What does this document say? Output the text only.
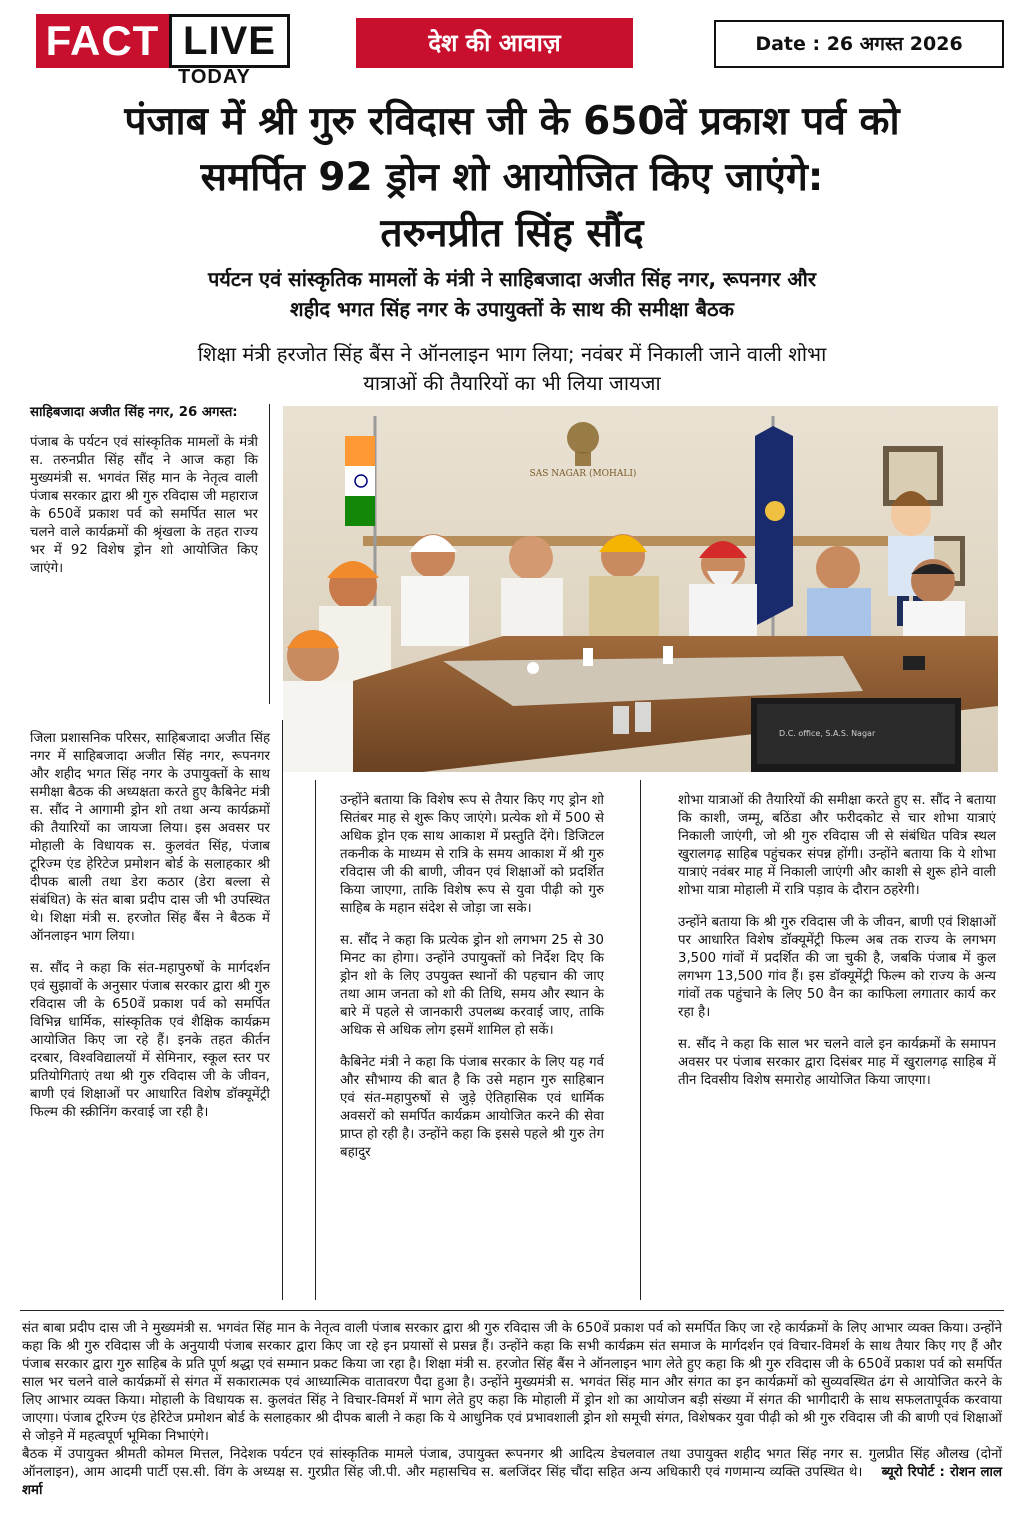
FACT LIVE
TODAY
देश की आवाज़	Date : 26 अगस्त 2026
पंजाब में श्री गुरु रविदास जी के 650वें प्रकाश पर्व को
समर्पित 92 ड्रोन शो आयोजित किए जाएंगे:
तरुनप्रीत सिंह सौंद
पर्यटन एवं सांस्कृतिक मामलों के मंत्री ने साहिबजादा अजीत सिंह नगर, रूपनगर और
शहीद भगत सिंह नगर के उपायुक्तों के साथ की समीक्षा बैठक
शिक्षा मंत्री हरजोत सिंह बैंस ने ऑनलाइन भाग लिया; नवंबर में निकाली जाने वाली शोभा
यात्राओं की तैयारियों का भी लिया जायजा
SAS NAGAR (MOHALI)
D.C. office, S.A.S. Nagar
साहिबजादा अजीत सिंह नगर, 26 अगस्त:

पंजाब के पर्यटन एवं सांस्कृतिक मामलों के मंत्री स. तरुनप्रीत सिंह सौंद ने आज कहा कि मुख्यमंत्री स. भगवंत सिंह मान के नेतृत्व वाली पंजाब सरकार द्वारा श्री गुरु रविदास जी महाराज के 650वें प्रकाश पर्व को समर्पित साल भर चलने वाले कार्यक्रमों की श्रृंखला के तहत राज्य भर में 92 विशेष ड्रोन शो आयोजित किए जाएंगे।

जिला प्रशासनिक परिसर, साहिबजादा अजीत सिंह नगर में साहिबजादा अजीत सिंह नगर, रूपनगर और शहीद भगत सिंह नगर के उपायुक्तों के साथ समीक्षा बैठक की अध्यक्षता करते हुए कैबिनेट मंत्री स. सौंद ने आगामी ड्रोन शो तथा अन्य कार्यक्रमों की तैयारियों का जायजा लिया। इस अवसर पर मोहाली के विधायक स. कुलवंत सिंह, पंजाब टूरिज्म एंड हेरिटेज प्रमोशन बोर्ड के सलाहकार श्री दीपक बाली तथा डेरा कठार (डेरा बल्ला से संबंधित) के संत बाबा प्रदीप दास जी भी उपस्थित थे। शिक्षा मंत्री स. हरजोत सिंह बैंस ने बैठक में ऑनलाइन भाग लिया।

स. सौंद ने कहा कि संत-महापुरुषों के मार्गदर्शन एवं सुझावों के अनुसार पंजाब सरकार द्वारा श्री गुरु रविदास जी के 650वें प्रकाश पर्व को समर्पित विभिन्न धार्मिक, सांस्कृतिक एवं शैक्षिक कार्यक्रम आयोजित किए जा रहे हैं। इनके तहत कीर्तन दरबार, विश्वविद्यालयों में सेमिनार, स्कूल स्तर पर प्रतियोगिताएं तथा श्री गुरु रविदास जी के जीवन, बाणी एवं शिक्षाओं पर आधारित विशेष डॉक्यूमेंट्री फिल्म की स्क्रीनिंग करवाई जा रही है।

उन्होंने बताया कि विशेष रूप से तैयार किए गए ड्रोन शो सितंबर माह से शुरू किए जाएंगे। प्रत्येक शो में 500 से अधिक ड्रोन एक साथ आकाश में प्रस्तुति देंगे। डिजिटल तकनीक के माध्यम से रात्रि के समय आकाश में श्री गुरु रविदास जी की बाणी, जीवन एवं शिक्षाओं को प्रदर्शित किया जाएगा, ताकि विशेष रूप से युवा पीढ़ी को गुरु साहिब के महान संदेश से जोड़ा जा सके।

स. सौंद ने कहा कि प्रत्येक ड्रोन शो लगभग 25 से 30 मिनट का होगा। उन्होंने उपायुक्तों को निर्देश दिए कि ड्रोन शो के लिए उपयुक्त स्थानों की पहचान की जाए तथा आम जनता को शो की तिथि, समय और स्थान के बारे में पहले से जानकारी उपलब्ध करवाई जाए, ताकि अधिक से अधिक लोग इसमें शामिल हो सकें।

कैबिनेट मंत्री ने कहा कि पंजाब सरकार के लिए यह गर्व और सौभाग्य की बात है कि उसे महान गुरु साहिबान एवं संत-महापुरुषों से जुड़े ऐतिहासिक एवं धार्मिक अवसरों को समर्पित कार्यक्रम आयोजित करने की सेवा प्राप्त हो रही है। उन्होंने कहा कि इससे पहले श्री गुरु तेग बहादुर

शोभा यात्राओं की तैयारियों की समीक्षा करते हुए स. सौंद ने बताया कि काशी, जम्मू, बठिंडा और फरीदकोट से चार शोभा यात्राएं निकाली जाएंगी, जो श्री गुरु रविदास जी से संबंधित पवित्र स्थल खुरालगढ़ साहिब पहुंचकर संपन्न होंगी। उन्होंने बताया कि ये शोभा यात्राएं नवंबर माह में निकाली जाएंगी और काशी से शुरू होने वाली शोभा यात्रा मोहाली में रात्रि पड़ाव के दौरान ठहरेगी।

उन्होंने बताया कि श्री गुरु रविदास जी के जीवन, बाणी एवं शिक्षाओं पर आधारित विशेष डॉक्यूमेंट्री फिल्म अब तक राज्य के लगभग 3,500 गांवों में प्रदर्शित की जा चुकी है, जबकि पंजाब में कुल लगभग 13,500 गांव हैं। इस डॉक्यूमेंट्री फिल्म को राज्य के अन्य गांवों तक पहुंचाने के लिए 50 वैन का काफिला लगातार कार्य कर रहा है।

स. सौंद ने कहा कि साल भर चलने वाले इन कार्यक्रमों के समापन अवसर पर पंजाब सरकार द्वारा दिसंबर माह में खुरालगढ़ साहिब में तीन दिवसीय विशेष समारोह आयोजित किया जाएगा।

संत बाबा प्रदीप दास जी ने मुख्यमंत्री स. भगवंत सिंह मान के नेतृत्व वाली पंजाब सरकार द्वारा श्री गुरु रविदास जी के 650वें प्रकाश पर्व को समर्पित किए जा रहे कार्यक्रमों के लिए आभार व्यक्त किया। उन्होंने कहा कि श्री गुरु रविदास जी के अनुयायी पंजाब सरकार द्वारा किए जा रहे इन प्रयासों से प्रसन्न हैं। उन्होंने कहा कि सभी कार्यक्रम संत समाज के मार्गदर्शन एवं विचार-विमर्श के साथ तैयार किए गए हैं और पंजाब सरकार द्वारा गुरु साहिब के प्रति पूर्ण श्रद्धा एवं सम्मान प्रकट किया जा रहा है। शिक्षा मंत्री स. हरजोत सिंह बैंस ने ऑनलाइन भाग लेते हुए कहा कि श्री गुरु रविदास जी के 650वें प्रकाश पर्व को समर्पित साल भर चलने वाले कार्यक्रमों से संगत में सकारात्मक एवं आध्यात्मिक वातावरण पैदा हुआ है। उन्होंने मुख्यमंत्री स. भगवंत सिंह मान और संगत का इन कार्यक्रमों को सुव्यवस्थित ढंग से आयोजित करने के लिए आभार व्यक्त किया। मोहाली के विधायक स. कुलवंत सिंह ने विचार-विमर्श में भाग लेते हुए कहा कि मोहाली में ड्रोन शो का आयोजन बड़ी संख्या में संगत की भागीदारी के साथ सफलतापूर्वक करवाया जाएगा। पंजाब टूरिज्म एंड हेरिटेज प्रमोशन बोर्ड के सलाहकार श्री दीपक बाली ने कहा कि ये आधुनिक एवं प्रभावशाली ड्रोन शो समूची संगत, विशेषकर युवा पीढ़ी को श्री गुरु रविदास जी की बाणी एवं शिक्षाओं से जोड़ने में महत्वपूर्ण भूमिका निभाएंगे।
बैठक में उपायुक्त श्रीमती कोमल मित्तल, निदेशक पर्यटन एवं सांस्कृतिक मामले पंजाब, उपायुक्त रूपनगर श्री आदित्य डेचलवाल तथा उपायुक्त शहीद भगत सिंह नगर स. गुलप्रीत सिंह औलख (दोनों ऑनलाइन), आम आदमी पार्टी एस.सी. विंग के अध्यक्ष स. गुरप्रीत सिंह जी.पी. और महासचिव स. बलजिंदर सिंह चौंदा सहित अन्य अधिकारी एवं गणमान्य व्यक्ति उपस्थित थे। ब्यूरो रिपोर्ट : रोशन लाल शर्मा
